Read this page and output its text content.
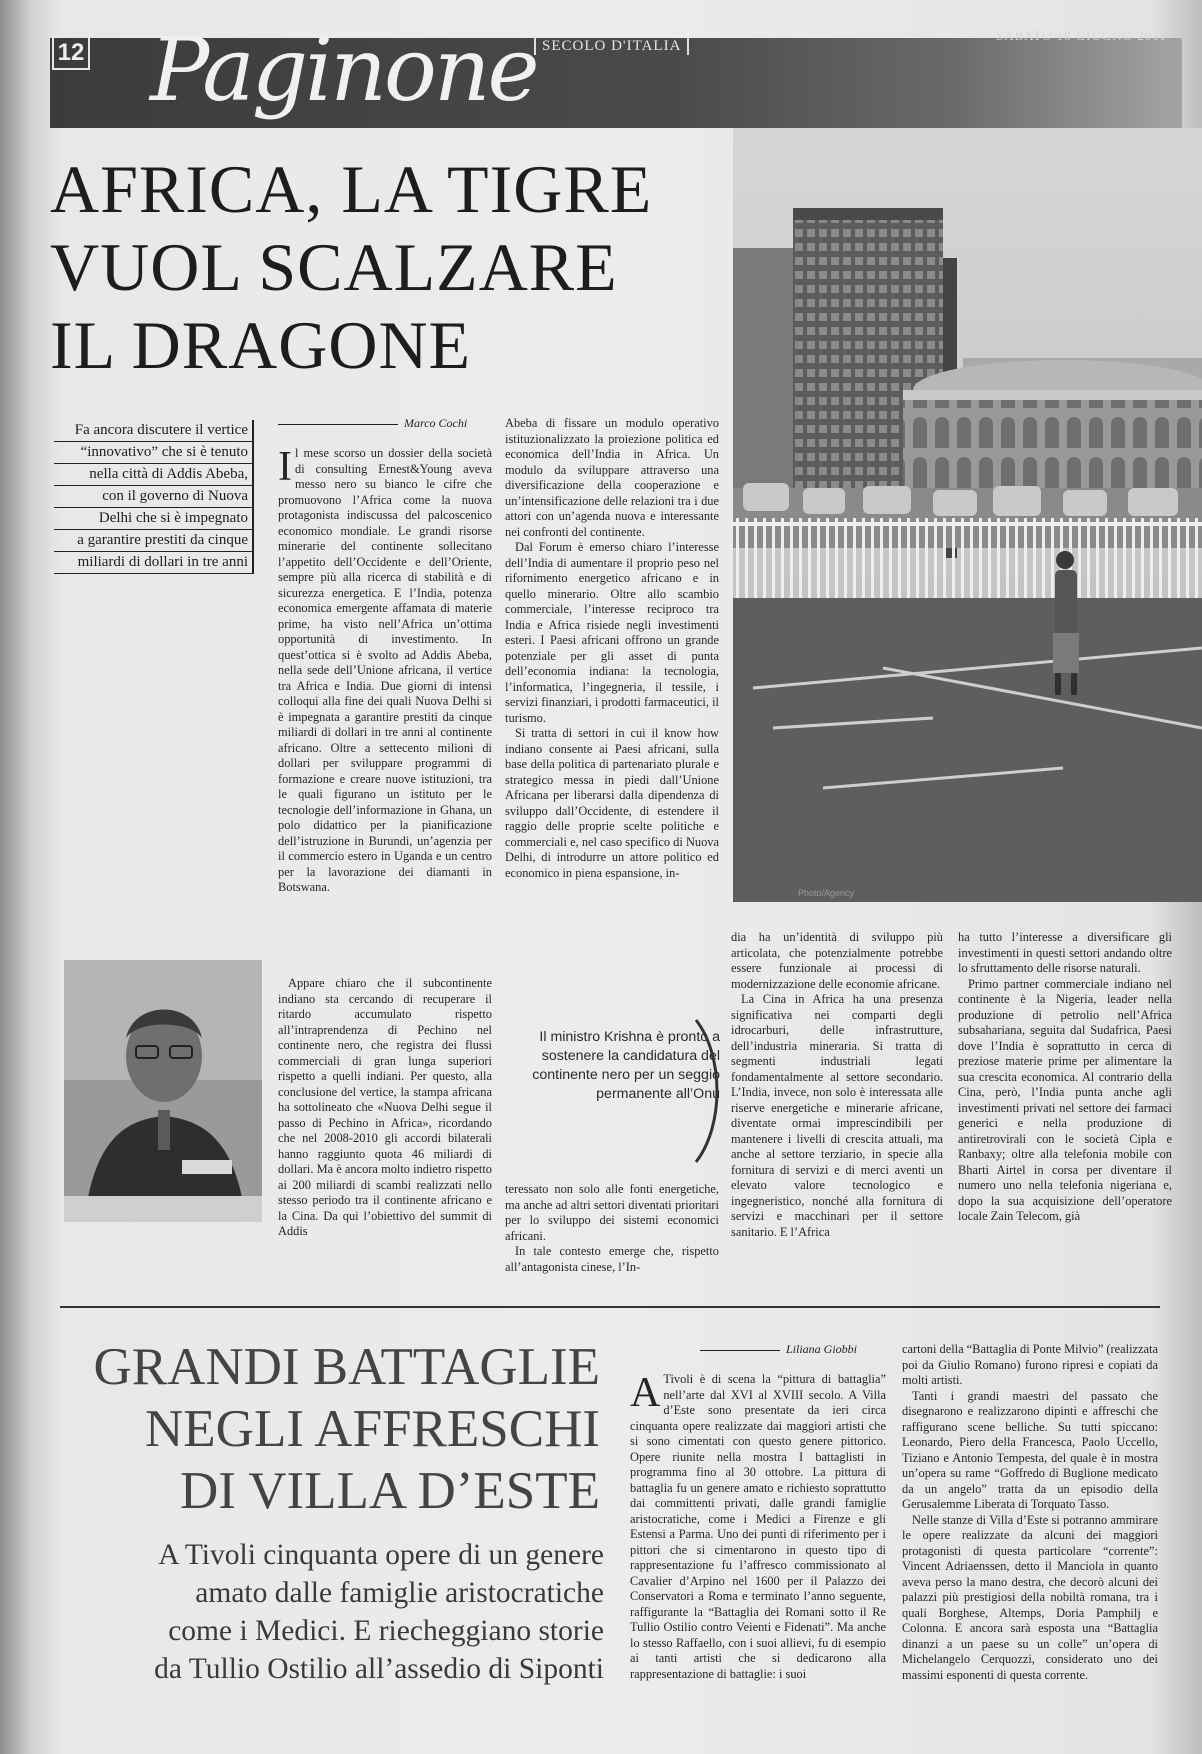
12 Paginone SECOLO D'ITALIA
SABATO 18 GIUGNO 2011
AFRICA, LA TIGRE
VUOL SCALZARE
IL DRAGONE
Photo/Agency
Fa ancora discutere il vertice
“innovativo” che si è tenuto
nella città di Addis Abeba,
con il governo di Nuova
Delhi che si è impegnato
a garantire prestiti da cinque
miliardi di dollari in tre anni
Marco Cochi

Il mese scorso un dossier della società di consulting Ernest&Young aveva messo nero su bianco le cifre che promuovono l’Africa come la nuova protagonista indiscussa del palcoscenico economico mondiale. Le grandi risorse minerarie del continente sollecitano l’appetito dell’Occidente e dell’Oriente, sempre più alla ricerca di stabilità e di sicurezza energetica. E l’India, potenza economica emergente affamata di materie prime, ha visto nell’Africa un’ottima opportunità di investimento. In quest’ottica si è svolto ad Addis Abeba, nella sede dell’Unione africana, il vertice tra Africa e India. Due giorni di intensi colloqui alla fine dei quali Nuova Delhi si è impegnata a garantire prestiti da cinque miliardi di dollari in tre anni al continente africano. Oltre a settecento milioni di dollari per sviluppare programmi di formazione e creare nuove istituzioni, tra le quali figurano un istituto per le tecnologie dell’informazione in Ghana, un polo didattico per la pianificazione dell’istruzione in Burundi, un’agenzia per il commercio estero in Uganda e un centro per la lavorazione dei diamanti in Botswana.

Appare chiaro che il subcontinente indiano sta cercando di recuperare il ritardo accumulato rispetto all’intraprendenza di Pechino nel continente nero, che registra dei flussi commerciali di gran lunga superiori rispetto a quelli indiani. Per questo, alla conclusione del vertice, la stampa africana ha sottolineato che «Nuova Delhi segue il passo di Pechino in Africa», ricordando che nel 2008-2010 gli accordi bilaterali hanno raggiunto quota 46 miliardi di dollari. Ma è ancora molto indietro rispetto ai 200 miliardi di scambi realizzati nello stesso periodo tra il continente africano e la Cina. Da qui l’obiettivo del summit di Addis

Abeba di fissare un modulo operativo istituzionalizzato la proiezione politica ed economica dell’India in Africa. Un modulo da sviluppare attraverso una diversificazione della cooperazione e un’intensificazione delle relazioni tra i due attori con un’agenda nuova e interessante nei confronti del continente.

Dal Forum è emerso chiaro l’interesse dell’India di aumentare il proprio peso nel rifornimento energetico africano e in quello minerario. Oltre allo scambio commerciale, l’interesse reciproco tra India e Africa risiede negli investimenti esteri. I Paesi africani offrono un grande potenziale per gli asset di punta dell’economia indiana: la tecnologia, l’informatica, l’ingegneria, il tessile, i servizi finanziari, i prodotti farmaceutici, il turismo.

Si tratta di settori in cui il know how indiano consente ai Paesi africani, sulla base della politica di partenariato plurale e strategico messa in piedi dall’Unione Africana per liberarsi dalla dipendenza di sviluppo dall’Occidente, di estendere il raggio delle proprie scelte politiche e commerciali e, nel caso specifico di Nuova Delhi, di introdurre un attore politico ed economico in piena espansione, in-

Il ministro Krishna è pronto a sostenere la candidatura del continente nero per un seggio permanente all’Onu

teressato non solo alle fonti energetiche, ma anche ad altri settori diventati prioritari per lo sviluppo dei sistemi economici africani.

In tale contesto emerge che, rispetto all’antagonista cinese, l’In-

dia ha un’identità di sviluppo più articolata, che potenzialmente potrebbe essere funzionale ai processi di modernizzazione delle economie africane.

La Cina in Africa ha una presenza significativa nei comparti degli idrocarburi, delle infrastrutture, dell’industria mineraria. Si tratta di segmenti industriali legati fondamentalmente al settore secondario. L’India, invece, non solo è interessata alle riserve energetiche e minerarie africane, diventate ormai imprescindibili per mantenere i livelli di crescita attuali, ma anche al settore terziario, in specie alla fornitura di servizi e di merci aventi un elevato valore tecnologico e ingegneristico, nonché alla fornitura di servizi e macchinari per il settore sanitario. E l’Africa

ha tutto l’interesse a diversificare gli investimenti in questi settori andando oltre lo sfruttamento delle risorse naturali.

Primo partner commerciale indiano nel continente è la Nigeria, leader nella produzione di petrolio nell’Africa subsahariana, seguita dal Sudafrica, Paesi dove l’India è soprattutto in cerca di preziose materie prime per alimentare la sua crescita economica. Al contrario della Cina, però, l’India punta anche agli investimenti privati nel settore dei farmaci generici e nella produzione di antiretrovirali con le società Cipla e Ranbaxy; oltre alla telefonia mobile con Bharti Airtel in corsa per diventare il numero uno nella telefonia nigeriana e, dopo la sua acquisizione dell’operatore locale Zain Telecom, già

GRANDI BATTAGLIE
NEGLI AFFRESCHI
DI VILLA D’ESTE
A Tivoli cinquanta opere di un genere
amato dalle famiglie aristocratiche
come i Medici. E riecheggiano storie
da Tullio Ostilio all’assedio di Siponti
Liliana Giobbi

A Tivoli è di scena la “pittura di battaglia” nell’arte dal XVI al XVIII secolo. A Villa d’Este sono presentate da ieri circa cinquanta opere realizzate dai maggiori artisti che si sono cimentati con questo genere pittorico. Opere riunite nella mostra I battaglisti in programma fino al 30 ottobre. La pittura di battaglia fu un genere amato e richiesto soprattutto dai committenti privati, dalle grandi famiglie aristocratiche, come i Medici a Firenze e gli Estensi a Parma. Uno dei punti di riferimento per i pittori che si cimentarono in questo tipo di rappresentazione fu l’affresco commissionato al Cavalier d’Arpino nel 1600 per il Palazzo dei Conservatori a Roma e terminato l’anno seguente, raffigurante la “Battaglia dei Romani sotto il Re Tullio Ostilio contro Veienti e Fidenati”. Ma anche lo stesso Raffaello, con i suoi allievi, fu di esempio ai tanti artisti che si dedicarono alla rappresentazione di battaglie: i suoi

cartoni della “Battaglia di Ponte Milvio” (realizzata poi da Giulio Romano) furono ripresi e copiati da molti artisti.

Tanti i grandi maestri del passato che disegnarono e realizzarono dipinti e affreschi che raffigurano scene belliche. Su tutti spiccano: Leonardo, Piero della Francesca, Paolo Uccello, Tiziano e Antonio Tempesta, del quale è in mostra un’opera su rame “Goffredo di Buglione medicato da un angelo” tratta da un episodio della Gerusalemme Liberata di Torquato Tasso.

Nelle stanze di Villa d’Este si potranno ammirare le opere realizzate da alcuni dei maggiori protagonisti di questa particolare “corrente”: Vincent Adriaenssen, detto il Manciola in quanto aveva perso la mano destra, che decorò alcuni dei palazzi più prestigiosi della nobiltà romana, tra i quali Borghese, Altemps, Doria Pamphilj e Colonna. E ancora sarà esposta una “Battaglia dinanzi a un paese su un colle” un’opera di Michelangelo Cerquozzi, considerato uno dei massimi esponenti di questa corrente.
